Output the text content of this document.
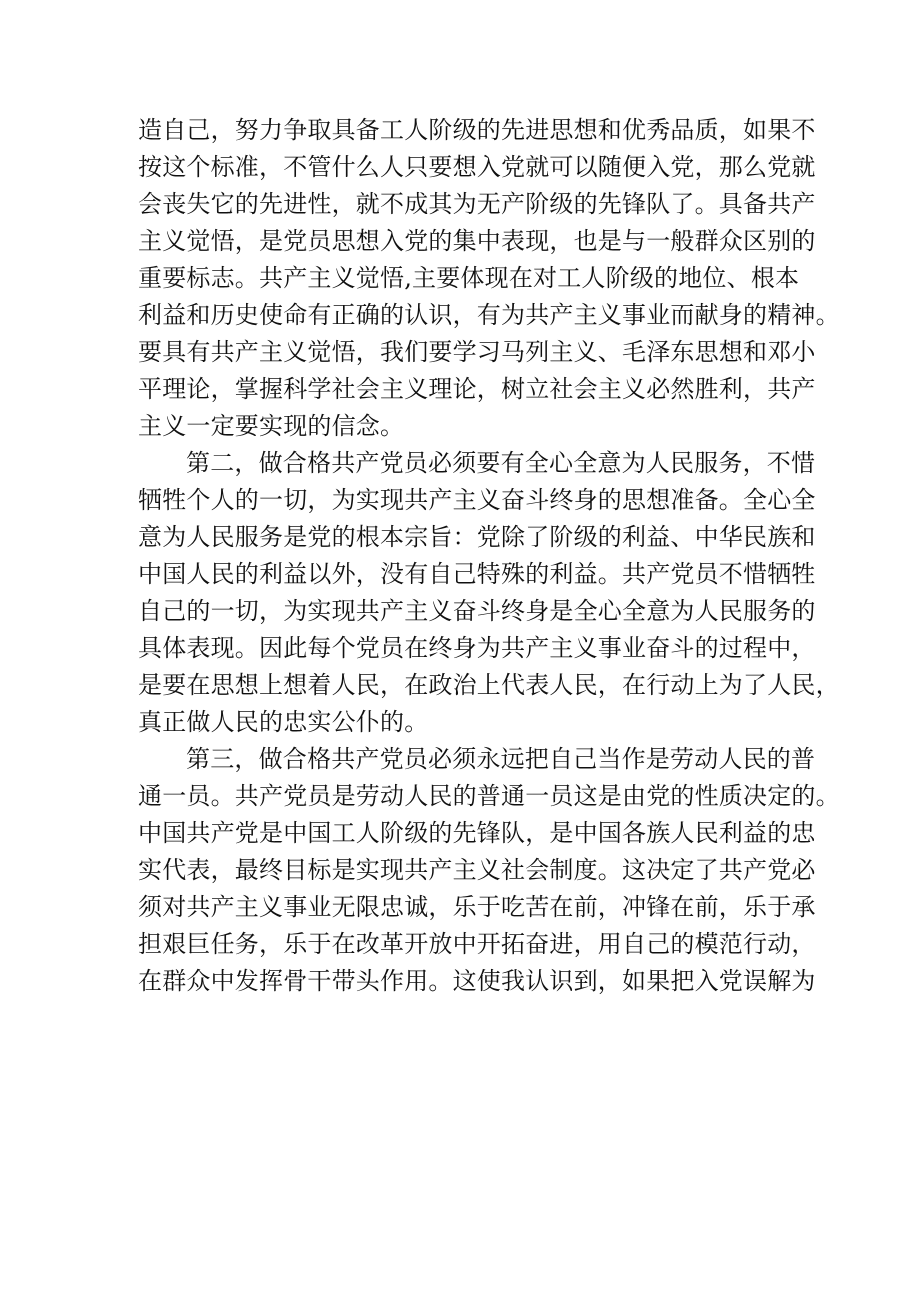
造自己，努力争取具备工人阶级的先进思想和优秀品质，如果不
按这个标准，不管什么人只要想入党就可以随便入党，那么党就
会丧失它的先进性，就不成其为无产阶级的先锋队了。具备共产
主义觉悟，是党员思想入党的集中表现，也是与一般群众区别的
重要标志。共产主义觉悟,主要体现在对工人阶级的地位、根本
利益和历史使命有正确的认识，有为共产主义事业而献身的精神。
要具有共产主义觉悟，我们要学习马列主义、毛泽东思想和邓小
平理论，掌握科学社会主义理论，树立社会主义必然胜利，共产
主义一定要实现的信念。
第二，做合格共产党员必须要有全心全意为人民服务，不惜
牺牲个人的一切，为实现共产主义奋斗终身的思想准备。全心全
意为人民服务是党的根本宗旨：党除了阶级的利益、中华民族和
中国人民的利益以外，没有自己特殊的利益。共产党员不惜牺牲
自己的一切，为实现共产主义奋斗终身是全心全意为人民服务的
具体表现。因此每个党员在终身为共产主义事业奋斗的过程中，
是要在思想上想着人民，在政治上代表人民，在行动上为了人民，
真正做人民的忠实公仆的。
第三，做合格共产党员必须永远把自己当作是劳动人民的普
通一员。共产党员是劳动人民的普通一员这是由党的性质决定的。
中国共产党是中国工人阶级的先锋队，是中国各族人民利益的忠
实代表，最终目标是实现共产主义社会制度。这决定了共产党必
须对共产主义事业无限忠诚，乐于吃苦在前，冲锋在前，乐于承
担艰巨任务，乐于在改革开放中开拓奋进，用自己的模范行动，
在群众中发挥骨干带头作用。这使我认识到，如果把入党误解为
